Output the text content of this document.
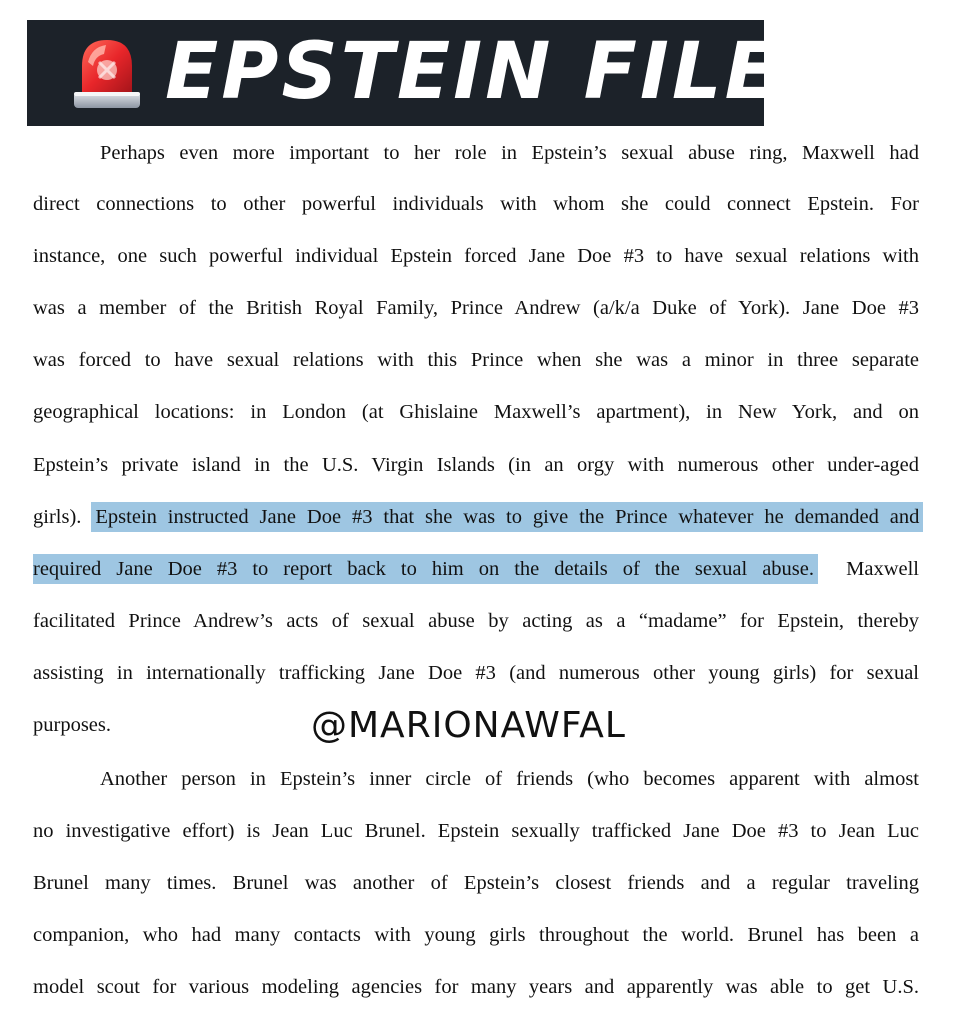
EPSTEIN FILES
Perhaps even more important to her role in Epstein’s sexual abuse ring, Maxwell had
direct connections to other powerful individuals with whom she could connect Epstein. For
instance, one such powerful individual Epstein forced Jane Doe #3 to have sexual relations with
was a member of the British Royal Family, Prince Andrew (a/k/a Duke of York). Jane Doe #3
was forced to have sexual relations with this Prince when she was a minor in three separate
geographical locations: in London (at Ghislaine Maxwell’s apartment), in New York, and on
Epstein’s private island in the U.S. Virgin Islands (in an orgy with numerous other under-aged
girls). Epstein instructed Jane Doe #3 that she was to give the Prince whatever he demanded and
required Jane Doe #3 to report back to him on the details of the sexual abuse. Maxwell
facilitated Prince Andrew’s acts of sexual abuse by acting as a “madame” for Epstein, thereby
assisting in internationally trafficking Jane Doe #3 (and numerous other young girls) for sexual
purposes.	@MARIONAWFAL
Another person in Epstein’s inner circle of friends (who becomes apparent with almost
no investigative effort) is Jean Luc Brunel. Epstein sexually trafficked Jane Doe #3 to Jean Luc
Brunel many times. Brunel was another of Epstein’s closest friends and a regular traveling
companion, who had many contacts with young girls throughout the world. Brunel has been a
model scout for various modeling agencies for many years and apparently was able to get U.S.
